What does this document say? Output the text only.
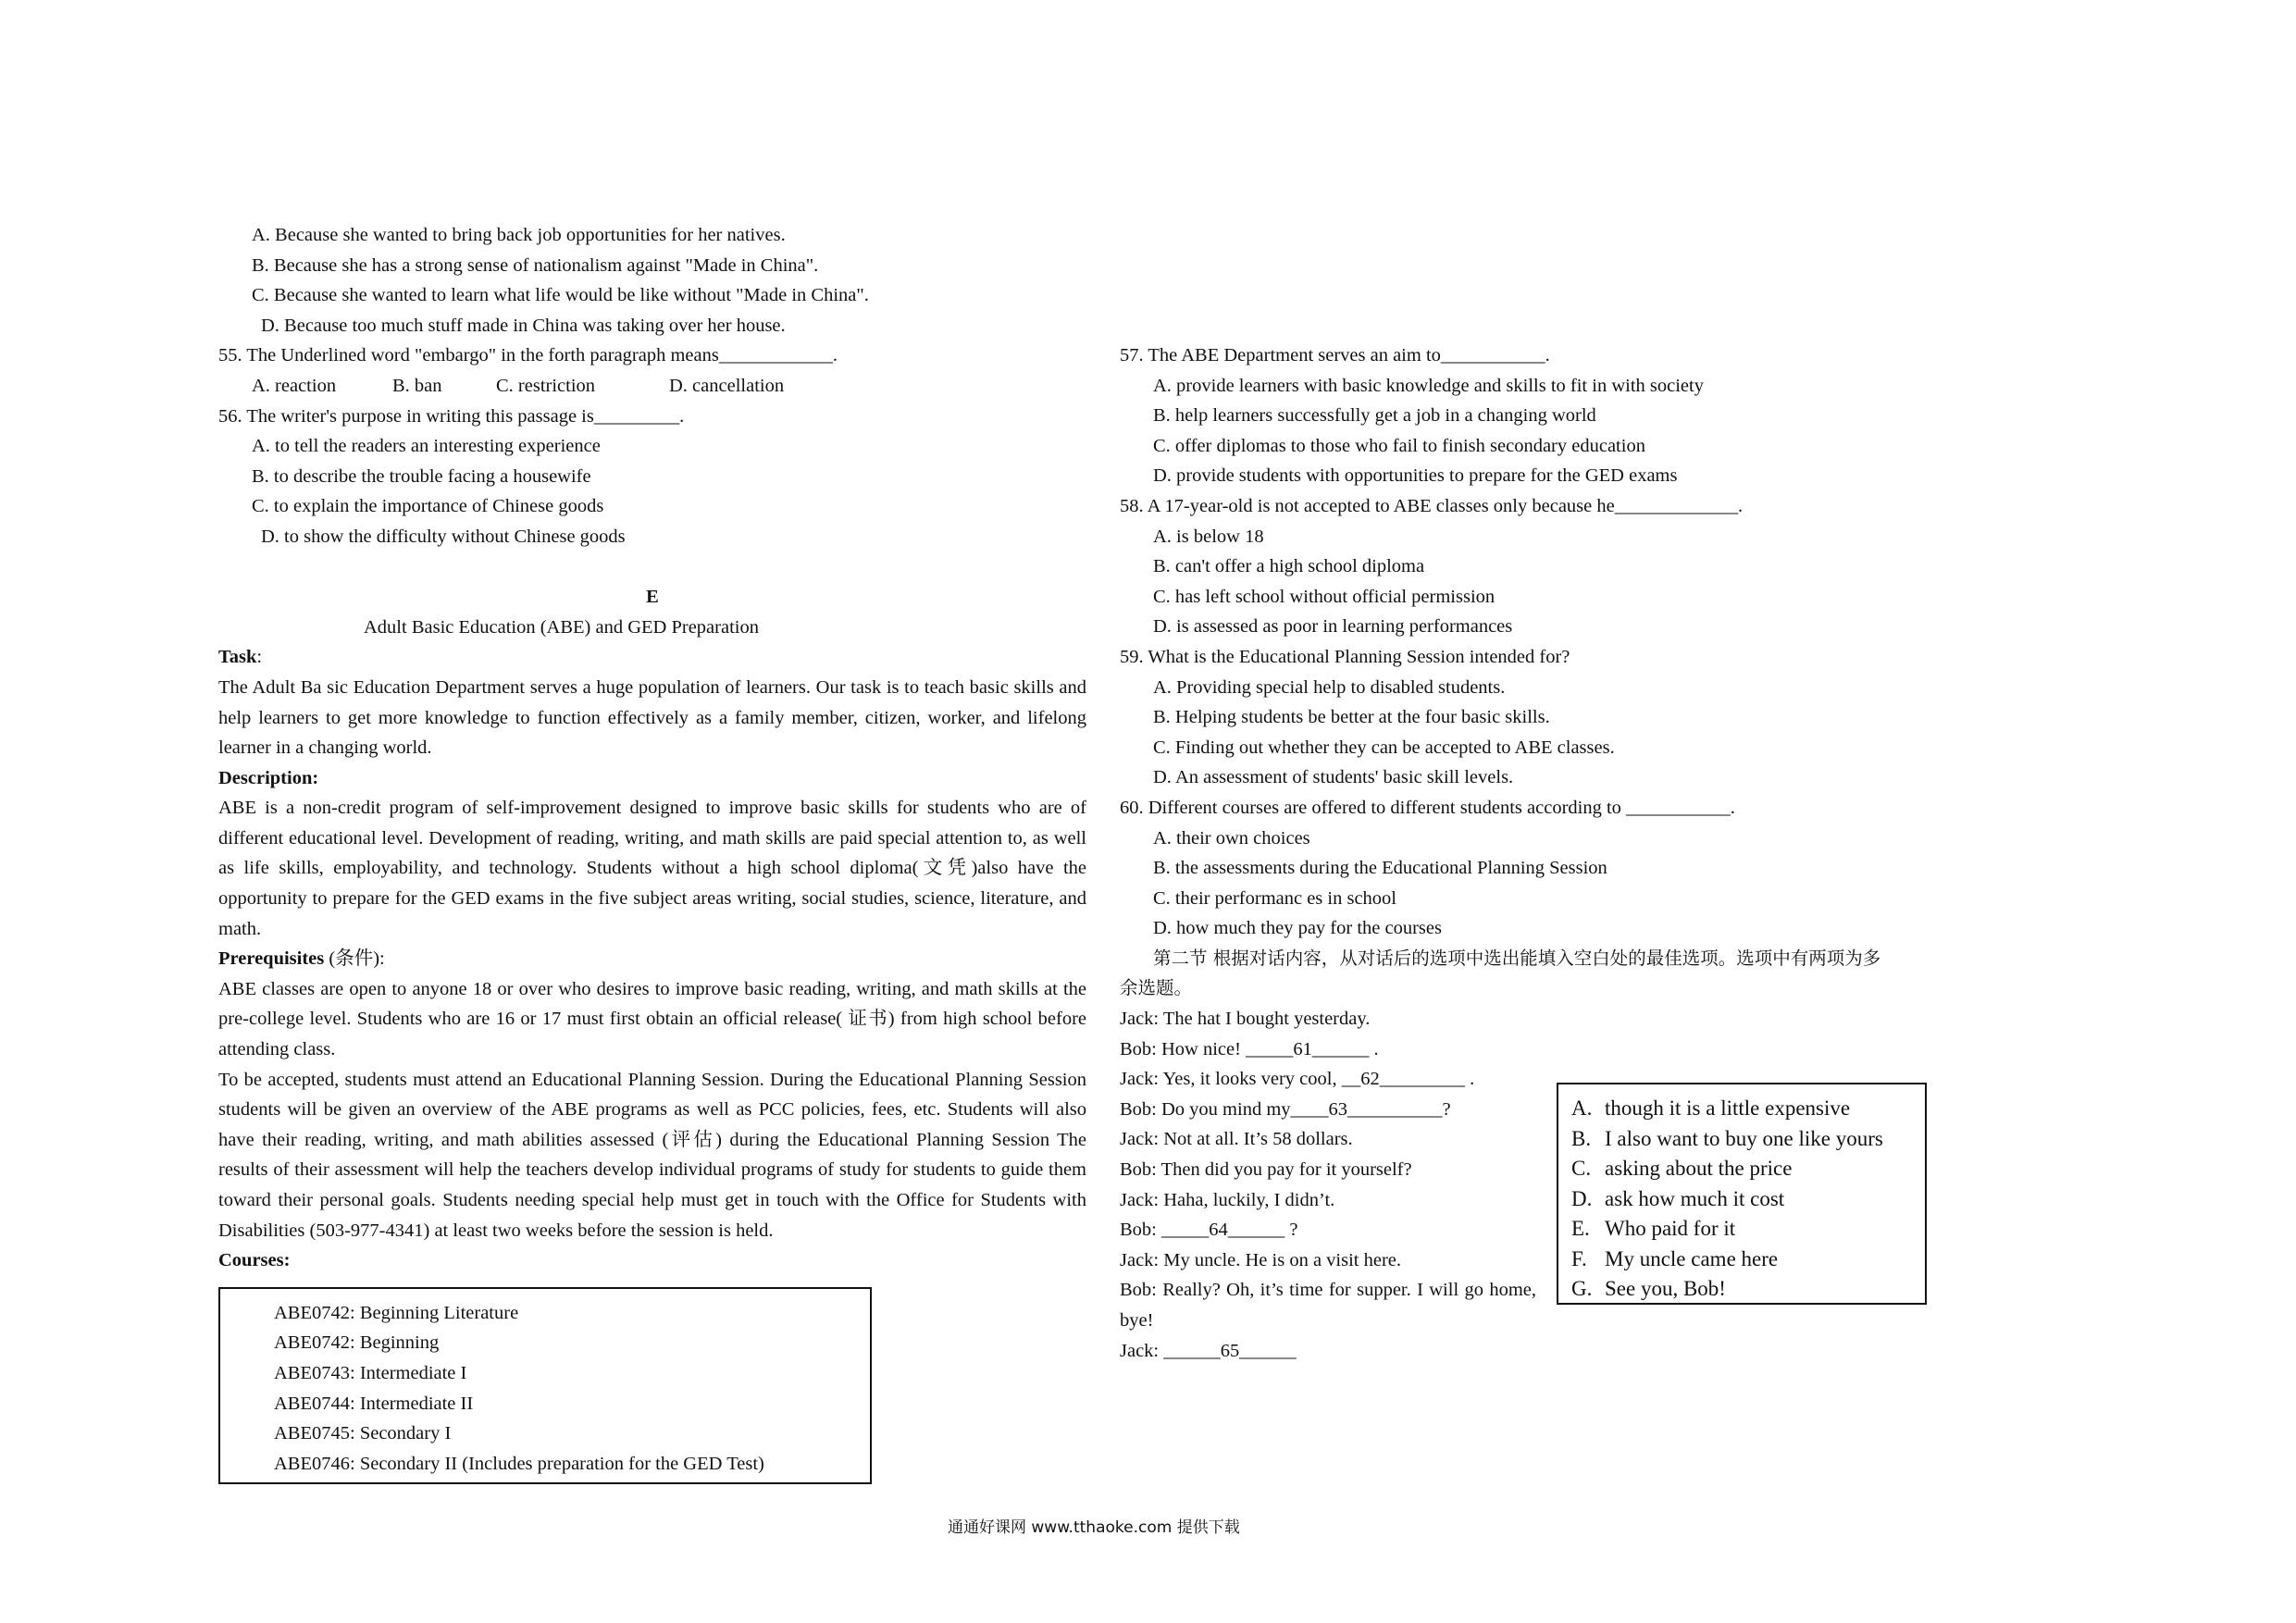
A. Because she wanted to bring back job opportunities for her natives.
B. Because she has a strong sense of nationalism against "Made in China".
C. Because she wanted to learn what life would be like without "Made in China".
D. Because too much stuff made in China was taking over her house.
55. The Underlined word "embargo" in the forth paragraph means____________.
A. reaction	B. ban	C. restriction	D. cancellation
56. The writer's purpose in writing this passage is_________.
A. to tell the readers an interesting experience
B. to describe the trouble facing a housewife
C. to explain the importance of Chinese goods
D. to show the difficulty without Chinese goods
E
Adult Basic Education (ABE) and GED Preparation
Task:
The Adult Ba sic Education Department serves a huge population of learners. Our task is to teach basic skills and help learners to get more knowledge to function effectively as a family member, citizen, worker, and lifelong learner in a changing world.
Description:
ABE is a non-credit program of self-improvement designed to improve basic skills for students who are of different educational level. Development of reading, writing, and math skills are paid special attention to, as well as life skills, employability, and technology. Students without a high school diploma(文凭)also have the opportunity to prepare for the GED exams in the five subject areas writing, social studies, science, literature, and math.
Prerequisites (条件):
ABE classes are open to anyone 18 or over who desires to improve basic reading, writing, and math skills at the pre-college level. Students who are 16 or 17 must first obtain an official release( 证书) from high school before attending class.
To be accepted, students must attend an Educational Planning Session. During the Educational Planning Session students will be given an overview of the ABE programs as well as PCC policies, fees, etc. Students will also have their reading, writing, and math abilities assessed (评估) during the Educational Planning Session The results of their assessment will help the teachers develop individual programs of study for students to guide them toward their personal goals. Students needing special help must get in touch with the Office for Students with Disabilities (503-977-4341) at least two weeks before the session is held.
Courses:
ABE0742: Beginning Literature
ABE0742: Beginning
ABE0743: Intermediate I
ABE0744: Intermediate II
ABE0745: Secondary I
ABE0746: Secondary II (Includes preparation for the GED Test)
57. The ABE Department serves an aim to___________.
A. provide learners with basic knowledge and skills to fit in with society
B. help learners successfully get a job in a changing world
C. offer diplomas to those who fail to finish secondary education
D. provide students with opportunities to prepare for the GED exams
58. A 17-year-old is not accepted to ABE classes only because he_____________.
A. is below 18
B. can't offer a high school diploma
C. has left school without official permission
D. is assessed as poor in learning performances
59. What is the Educational Planning Session intended for?
A. Providing special help to disabled students.
B. Helping students be better at the four basic skills.
C. Finding out whether they can be accepted to ABE classes.
D. An assessment of students' basic skill levels.
60. Different courses are offered to different students according to ___________.
A. their own choices
B. the assessments during the Educational Planning Session
C. their performanc es in school
D. how much they pay for the courses
第二节 根据对话内容，从对话后的选项中选出能填入空白处的最佳选项。选项中有两项为多
余选题。
Jack: The hat I bought yesterday.
Bob: How nice! _____61______ .
Jack: Yes, it looks very cool, __62_________ .
Bob: Do you mind my____63__________?
Jack: Not at all. It’s 58 dollars.
Bob: Then did you pay for it yourself?
Jack: Haha, luckily, I didn’t.
Bob: _____64______ ?
Jack: My uncle. He is on a visit here.
Bob: Really? Oh, it’s time for supper. I will go home, bye!
Jack: ______65______
A. though it is a little expensive
B. I also want to buy one like yours
C. asking about the price
D. ask how much it cost
E. Who paid for it
F. My uncle came here
G. See you, Bob!
通通好课网 www.tthaoke.com 提供下载
